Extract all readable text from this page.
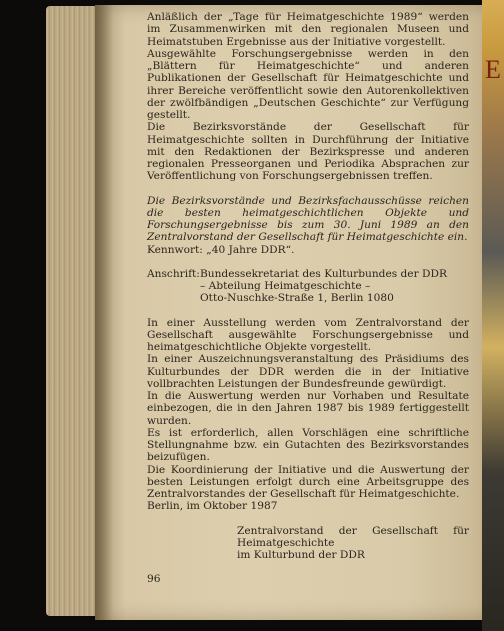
E

Anläßlich der „Tage für Heimatgeschichte 1989“ werden im Zusammenwirken mit den regionalen Museen und Heimatstuben Ergebnisse aus der Initiative vorgestellt.

Ausgewählte Forschungsergebnisse werden in den „Blättern für Heimatgeschichte“ und anderen Publikationen der Gesellschaft für Heimatgeschichte und ihrer Bereiche veröffentlicht sowie den Autorenkollektiven der zwölfbändigen „Deutschen Geschichte“ zur Verfügung gestellt.

Die Bezirksvorstände der Gesellschaft für Heimatgeschichte sollten in Durchführung der Initiative mit den Redaktionen der Bezirkspresse und anderen regionalen Presseorganen und Periodika Absprachen zur Veröffentlichung von Forschungsergebnissen treffen.

Die Bezirksvorstände und Bezirksfachausschüsse reichen die besten heimatgeschichtlichen Objekte und Forschungsergebnisse bis zum 30. Juni 1989 an den Zentralvorstand der Gesellschaft für Heimatgeschichte ein.

Kennwort: „40 Jahre DDR“.

Anschrift: Bundessekretariat des Kulturbundes der DDR
– Abteilung Heimatgeschichte –
Otto-Nuschke-Straße 1, Berlin 1080

In einer Ausstellung werden vom Zentralvorstand der Gesellschaft ausgewählte Forschungsergebnisse und heimatgeschichtliche Objekte vorgestellt.

In einer Auszeichnungsveranstaltung des Präsidiums des Kulturbundes der DDR werden die in der Initiative vollbrachten Leistungen der Bundesfreunde gewürdigt.

In die Auswertung werden nur Vorhaben und Resultate einbezogen, die in den Jahren 1987 bis 1989 fertiggestellt wurden.

Es ist erforderlich, allen Vorschlägen eine schriftliche Stellungnahme bzw. ein Gutachten des Bezirksvorstandes beizufügen.

Die Koordinierung der Initiative und die Auswertung der besten Leistungen erfolgt durch eine Arbeitsgruppe des Zentralvorstandes der Gesellschaft für Heimatgeschichte.

Berlin, im Oktober 1987

Zentralvorstand der Gesellschaft für Heimatgeschichte
im Kulturbund der DDR
96
